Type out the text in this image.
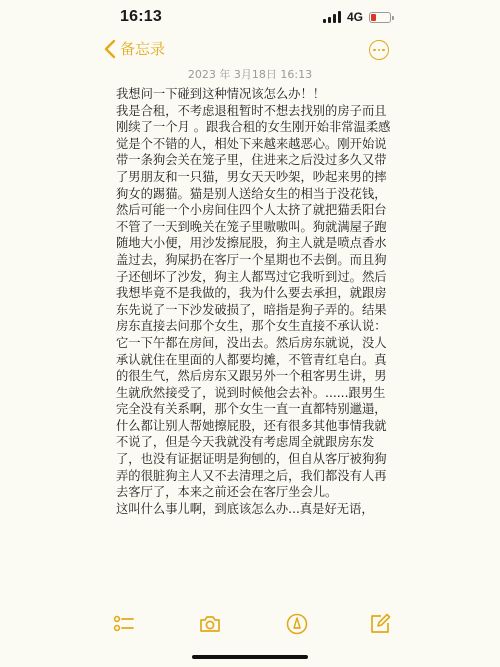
16:13	4G
备忘录
2023 年 3月18日 16:13

我想问一下碰到这种情况该怎么办！！
我是合租，不考虑退租暂时不想去找别的房子而且刚续了一个月 。跟我合租的女生刚开始非常温柔感觉是个不错的人，相处下来越来越恶心。刚开始说带一条狗会关在笼子里，住进来之后没过多久又带了男朋友和一只猫，男女天天吵架，吵起来男的摔狗女的踢猫。猫是别人送给女生的相当于没花钱，然后可能一个小房间住四个人太挤了就把猫丢阳台不管了一天到晚关在笼子里嗷嗷叫。狗就满屋子跑随地大小便，用沙发擦屁股，狗主人就是喷点香水盖过去，狗屎扔在客厅一个星期也不去倒。而且狗子还刨坏了沙发，狗主人都骂过它我听到过。然后我想毕竟不是我做的，我为什么要去承担，就跟房东先说了一下沙发破损了，暗指是狗子弄的。结果房东直接去问那个女生，那个女生直接不承认说：它一下午都在房间，没出去。然后房东就说，没人承认就住在里面的人都要均摊，不管青红皂白。真的很生气，然后房东又跟另外一个租客男生讲，男生就欣然接受了，说到时候他会去补。......跟男生完全没有关系啊，那个女生一直一直都特别邋遢，什么都让别人帮她擦屁股，还有很多其他事情我就不说了，但是今天我就没有考虑周全就跟房东发了，也没有证据证明是狗刨的，但自从客厅被狗狗弄的很脏狗主人又不去清理之后，我们都没有人再去客厅了，本来之前还会在客厅坐会儿。

这叫什么事儿啊，到底该怎么办...真是好无语，
